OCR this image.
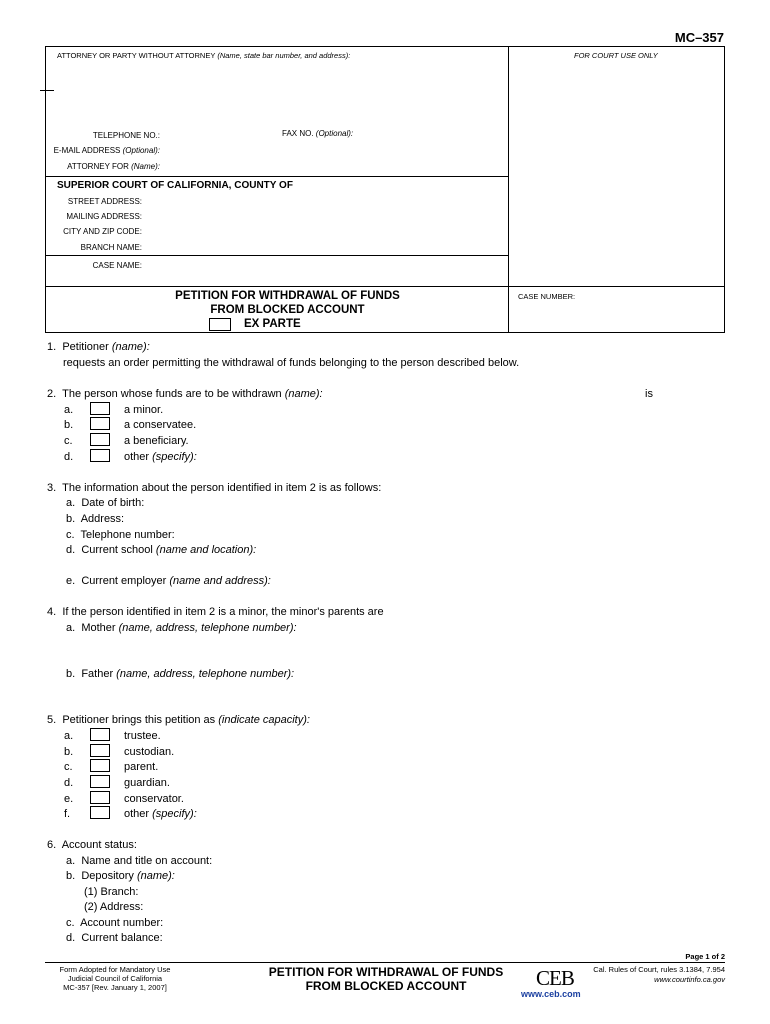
MC–357
ATTORNEY OR PARTY WITHOUT ATTORNEY (Name, state bar number, and address):	FOR COURT USE ONLY
TELEPHONE NO.:	FAX NO. (Optional):
E-MAIL ADDRESS (Optional):
ATTORNEY FOR (Name):
SUPERIOR COURT OF CALIFORNIA, COUNTY OF
STREET ADDRESS:
MAILING ADDRESS:
CITY AND ZIP CODE:
BRANCH NAME:
CASE NAME:
PETITION FOR WITHDRAWAL OF FUNDS
FROM BLOCKED ACCOUNT
EX PARTE
CASE NUMBER:
1. Petitioner (name):
requests an order permitting the withdrawal of funds belonging to the person described below.
2. The person whose funds are to be withdrawn (name):	is
a.	a minor.
b.	a conservatee.
c.	a beneficiary.
d.	other (specify):
3. The information about the person identified in item 2 is as follows:
a. Date of birth:
b. Address:
c. Telephone number:
d. Current school (name and location):
e. Current employer (name and address):
4. If the person identified in item 2 is a minor, the minor's parents are
a. Mother (name, address, telephone number):
b. Father (name, address, telephone number):
5. Petitioner brings this petition as (indicate capacity):
a.	trustee.
b.	custodian.
c.	parent.
d.	guardian.
e.	conservator.
f.	other (specify):
6. Account status:
a. Name and title on account:
b. Depository (name):
(1) Branch:
(2) Address:
c. Account number:
d. Current balance:
Page 1 of 2
Form Adopted for Mandatory Use
Judicial Council of California
MC-357 [Rev. January 1, 2007]
PETITION FOR WITHDRAWAL OF FUNDS
FROM BLOCKED ACCOUNT	CEB
www.ceb.com
Cal. Rules of Court, rules 3.1384, 7.954
www.courtinfo.ca.gov
